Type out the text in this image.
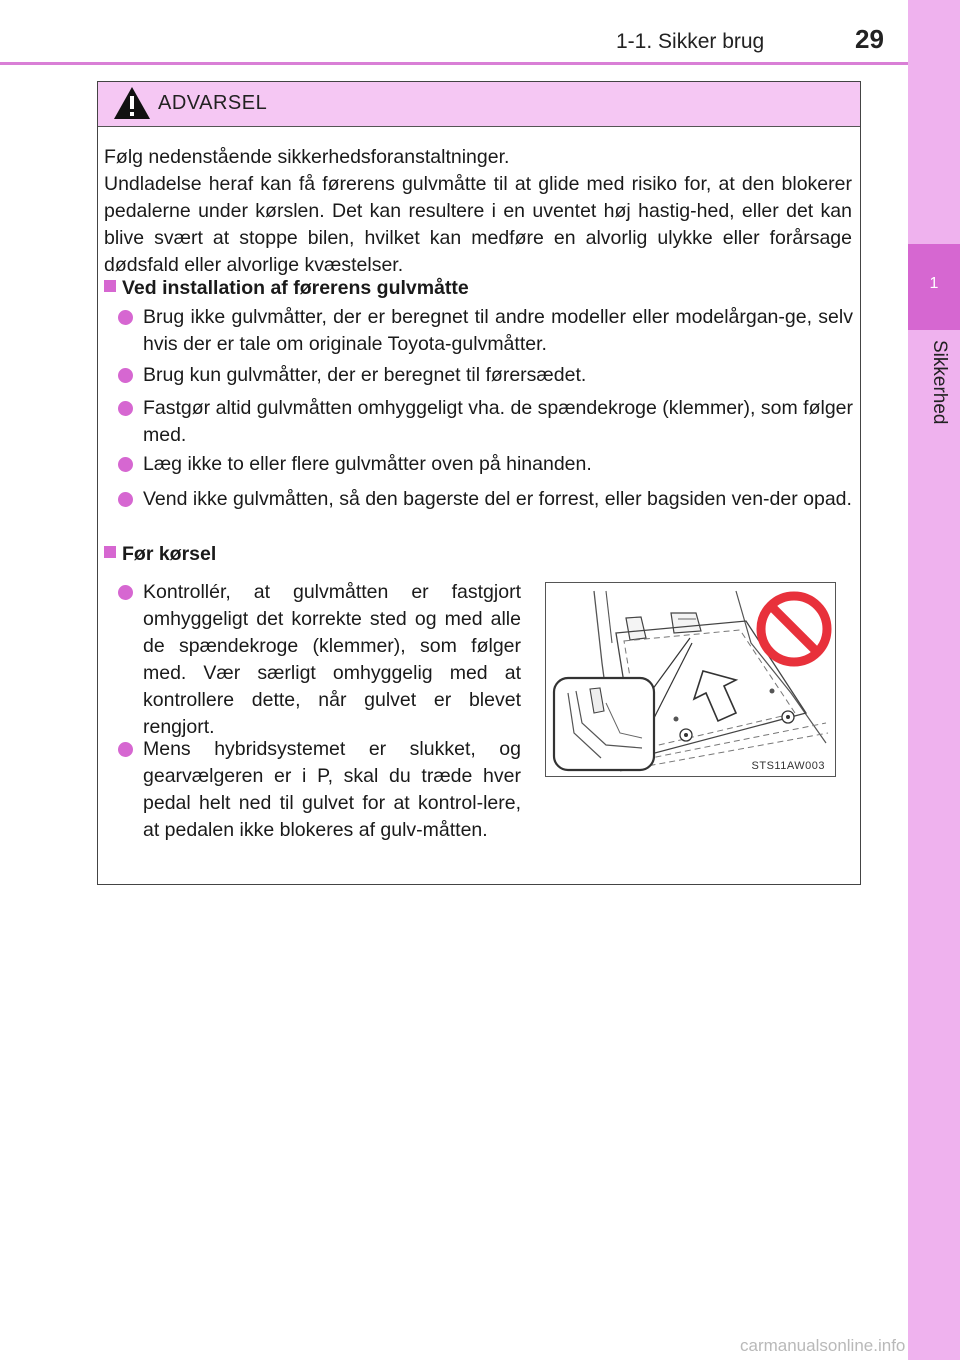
1-1. Sikker brug	29
1
Sikkerhed
ADVARSEL

Følg nedenstående sikkerhedsforanstaltninger.

Undladelse heraf kan få førerens gulvmåtte til at glide med risiko for, at den blokerer pedalerne under kørslen. Det kan resultere i en uventet høj hastig-hed, eller det kan blive svært at stoppe bilen, hvilket kan medføre en alvorlig ulykke eller forårsage dødsfald eller alvorlige kvæstelser.

Ved installation af førerens gulvmåtte
Brug ikke gulvmåtter, der er beregnet til andre modeller eller modelårgan-ge, selv hvis der er tale om originale Toyota-gulvmåtter.
Brug kun gulvmåtter, der er beregnet til førersædet.
Fastgør altid gulvmåtten omhyggeligt vha. de spændekroge (klemmer), som følger med.
Læg ikke to eller flere gulvmåtter oven på hinanden.
Vend ikke gulvmåtten, så den bagerste del er forrest, eller bagsiden ven-der opad.
Før kørsel
Kontrollér, at gulvmåtten er fastgjort omhyggeligt det korrekte sted og med alle de spændekroge (klemmer), som følger med. Vær særligt omhyggelig med at kontrollere dette, når gulvet er blevet rengjort.
Mens hybridsystemet er slukket, og gearvælgeren er i P, skal du træde hver pedal helt ned til gulvet for at kontrol-lere, at pedalen ikke blokeres af gulv-måtten.
STS11AW003
carmanualsonline.info
